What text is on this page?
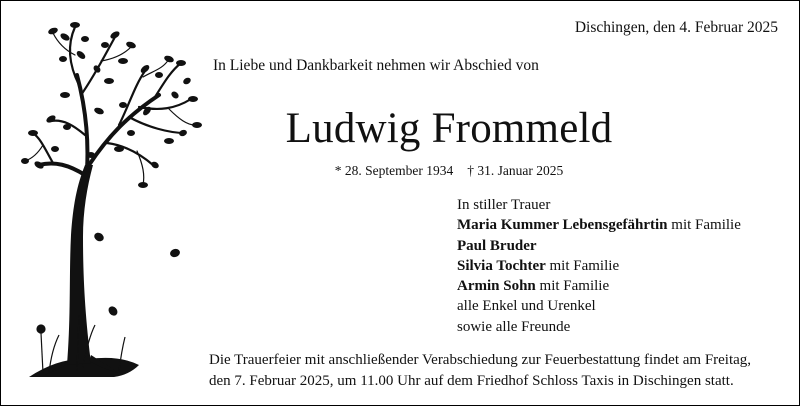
Dischingen, den 4. Februar 2025
In Liebe und Dankbarkeit nehmen wir Abschied von
Ludwig Frommeld
* 28. September 1934 † 31. Januar 2025
In stiller Trauer
Maria Kummer Lebensgefährtin mit Familie
Paul Bruder
Silvia Tochter mit Familie
Armin Sohn mit Familie
alle Enkel und Urenkel
sowie alle Freunde
Die Trauerfeier mit anschließender Verabschiedung zur Feuerbestattung findet am Freitag,
den 7. Februar 2025, um 11.00 Uhr auf dem Friedhof Schloss Taxis in Dischingen statt.
